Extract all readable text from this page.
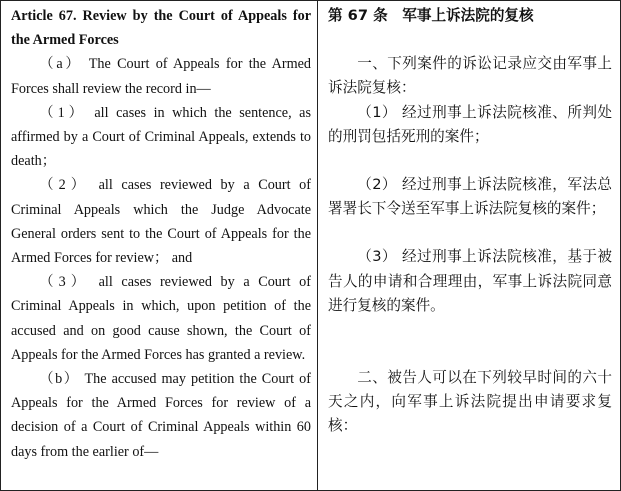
Article 67. Review by the Court of Appeals for the Armed Forces

（a） The Court of Appeals for the Armed Forces shall review the record in—

（1） all cases in which the sentence, as affirmed by a Court of Criminal Appeals, extends to death；

（2） all cases reviewed by a Court of Criminal Appeals which the Judge Advocate General orders sent to the Court of Appeals for the Armed Forces for review； and

（3） all cases reviewed by a Court of Criminal Appeals in which, upon petition of the accused and on good cause shown, the Court of Appeals for the Armed Forces has granted a review.

（b） The accused may petition the Court of Appeals for the Armed Forces for review of a decision of a Court of Criminal Appeals within 60 days from the earlier of—

第 67 条　军事上诉法院的复核

一、下列案件的诉讼记录应交由军事上诉法院复核：

（1） 经过刑事上诉法院核准、所判处的刑罚包括死刑的案件；

（2） 经过刑事上诉法院核准，军法总署署长下令送至军事上诉法院复核的案件；

（3） 经过刑事上诉法院核准，基于被告人的申请和合理理由，军事上诉法院同意进行复核的案件。

二、被告人可以在下列较早时间的六十天之内，向军事上诉法院提出申请要求复核：
